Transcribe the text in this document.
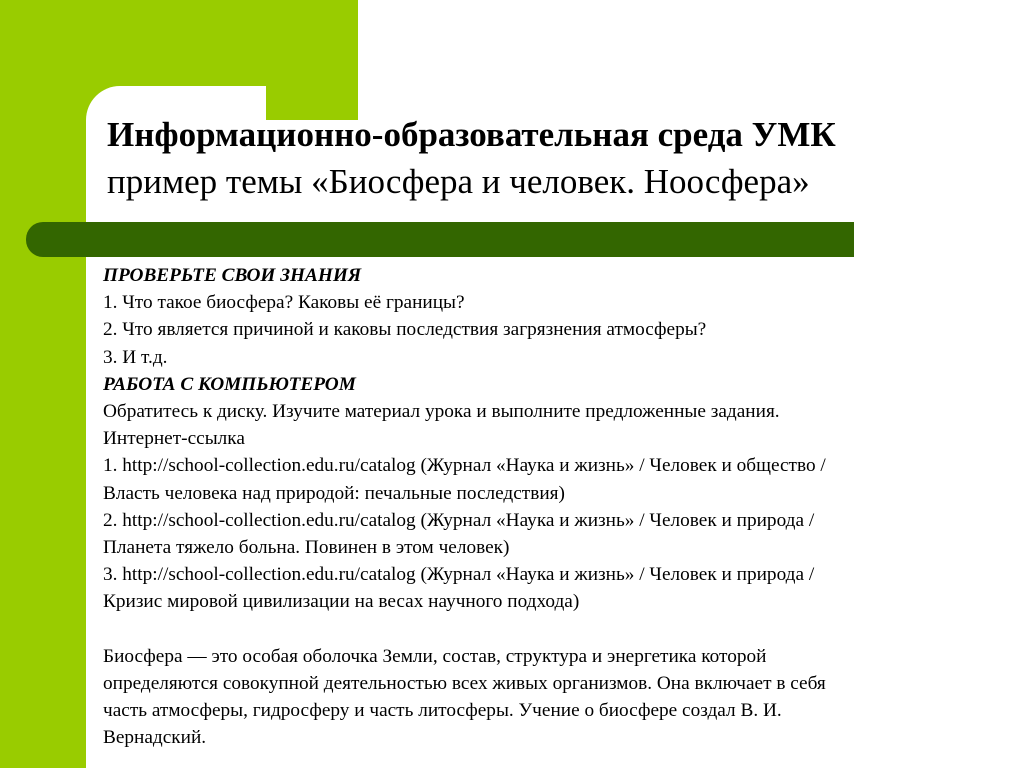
Информационно-образовательная среда УМК
пример темы «Биосфера и человек. Ноосфера»
ПРОВЕРЬТЕ СВОИ ЗНАНИЯ
1. Что такое биосфера? Каковы её границы?
2. Что является причиной и каковы последствия загрязнения атмосферы?
3. И т.д.
РАБОТА С КОМПЬЮТЕРОМ
Обратитесь к диску. Изучите материал урока и выполните предложенные задания.
Интернет-ссылка
1. http://school-collection.edu.ru/catalog (Журнал «Наука и жизнь» / Человек и общество /
Власть человека над природой: печальные последствия)
2. http://school-collection.edu.ru/catalog (Журнал «Наука и жизнь» / Человек и природа /
Планета тяжело больна. Повинен в этом человек)
3. http://school-collection.edu.ru/catalog (Журнал «Наука и жизнь» / Человек и природа /
Кризис мировой цивилизации на весах научного подхода)
Биосфера — это особая оболочка Земли, состав, структура и энергетика которой
определяются совокупной деятельностью всех живых организмов. Она включает в себя
часть атмосферы, гидросферу и часть литосферы. Учение о биосфере создал В. И.
Вернадский.
